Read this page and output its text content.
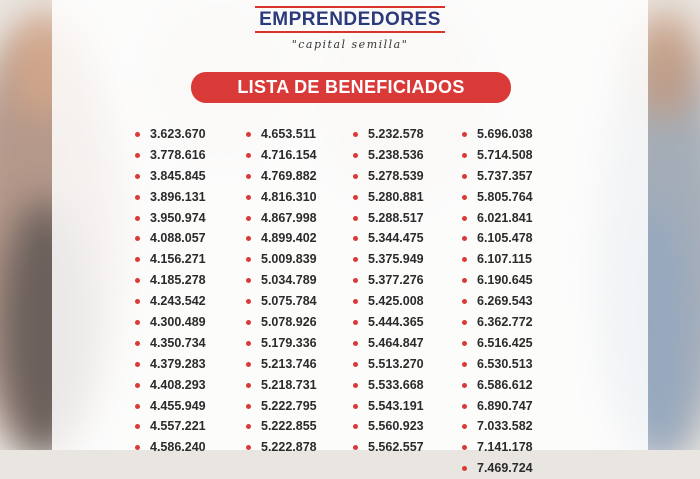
EMPRENDEDORES
"capital semilla"
LISTA DE BENEFICIADOS
3.623.670
3.778.616
3.845.845
3.896.131
3.950.974
4.088.057
4.156.271
4.185.278
4.243.542
4.300.489
4.350.734
4.379.283
4.408.293
4.455.949
4.557.221
4.586.240
4.653.511
4.716.154
4.769.882
4.816.310
4.867.998
4.899.402
5.009.839
5.034.789
5.075.784
5.078.926
5.179.336
5.213.746
5.218.731
5.222.795
5.222.855
5.222.878
5.232.578
5.238.536
5.278.539
5.280.881
5.288.517
5.344.475
5.375.949
5.377.276
5.425.008
5.444.365
5.464.847
5.513.270
5.533.668
5.543.191
5.560.923
5.562.557
5.696.038
5.714.508
5.737.357
5.805.764
6.021.841
6.105.478
6.107.115
6.190.645
6.269.543
6.362.772
6.516.425
6.530.513
6.586.612
6.890.747
7.033.582
7.141.178
7.469.724
